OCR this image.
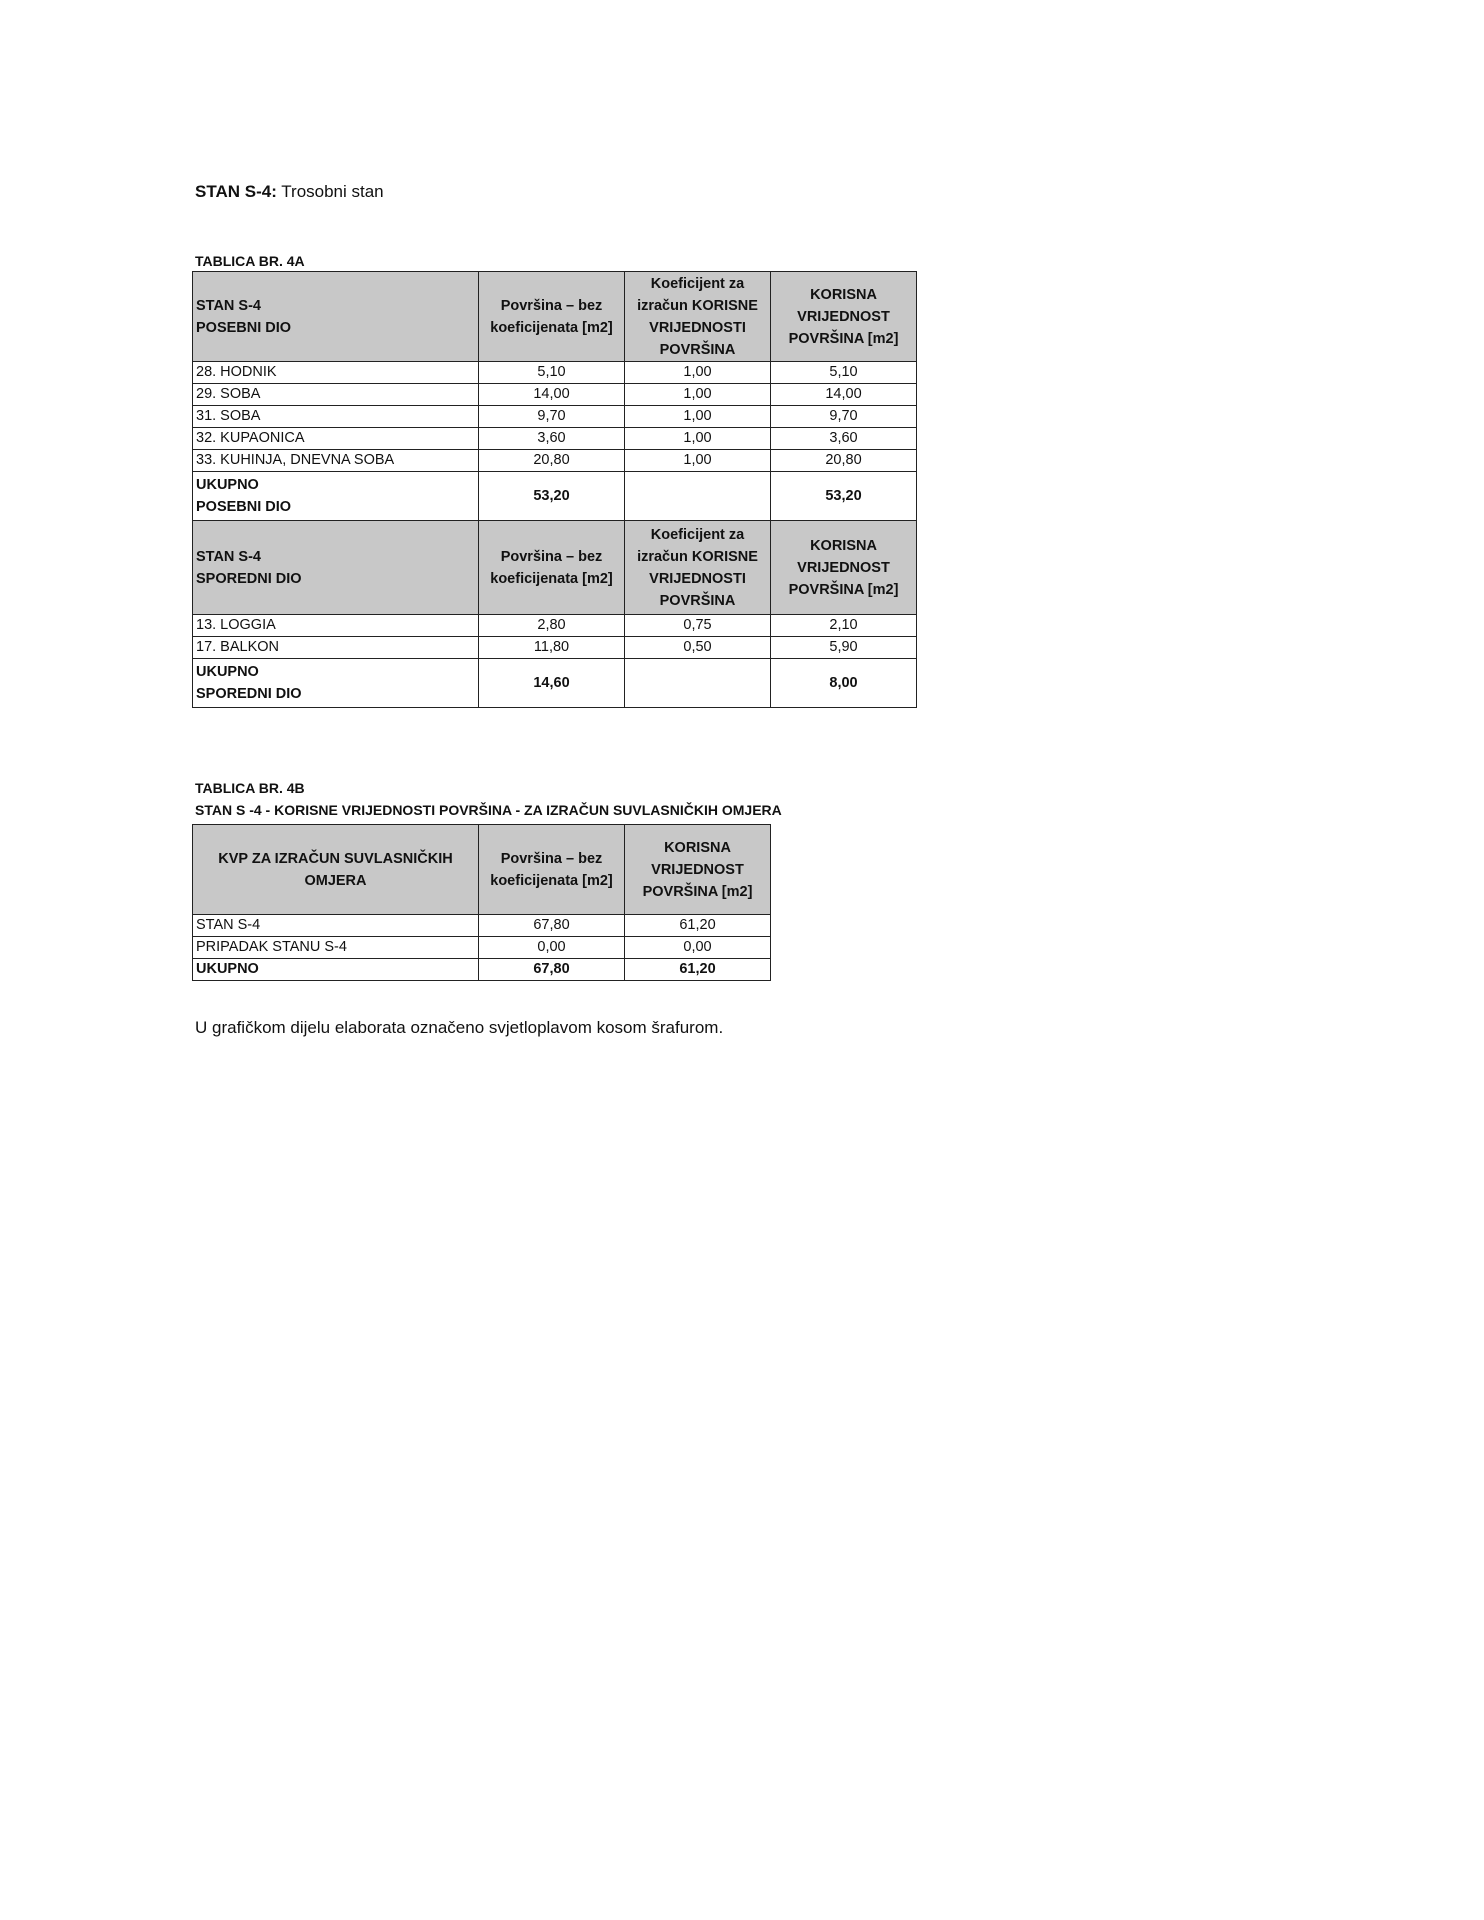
STAN S-4: Trosobni stan
TABLICA BR. 4A
STAN S-4
POSEBNI DIO	Površina – bez koeficijenata [m2]	Koeficijent za izračun KORISNE VRIJEDNOSTI POVRŠINA	KORISNA VRIJEDNOST POVRŠINA [m2]
28. HODNIK	5,10	1,00	5,10
29. SOBA	14,00	1,00	14,00
31. SOBA	9,70	1,00	9,70
32. KUPAONICA	3,60	1,00	3,60
33. KUHINJA, DNEVNA SOBA	20,80	1,00	20,80

UKUPNO
POSEBNI DIO	53,20		53,20

STAN S-4
SPOREDNI DIO	Površina – bez koeficijenata [m2]	Koeficijent za izračun KORISNE VRIJEDNOSTI POVRŠINA	KORISNA VRIJEDNOST POVRŠINA [m2]
13. LOGGIA	2,80	0,75	2,10
17. BALKON	11,80	0,50	5,90

UKUPNO
SPOREDNI DIO	14,60		8,00
TABLICA BR. 4B
STAN S -4 - KORISNE VRIJEDNOSTI POVRŠINA - ZA IZRAČUN SUVLASNIČKIH OMJERA
KVP ZA IZRAČUN SUVLASNIČKIH OMJERA	Površina – bez koeficijenata [m2]	KORISNA VRIJEDNOST POVRŠINA [m2]
STAN S-4	67,80	61,20
PRIPADAK STANU S-4	0,00	0,00
UKUPNO	67,80	61,20
U grafičkom dijelu elaborata označeno svjetloplavom kosom šrafurom.
